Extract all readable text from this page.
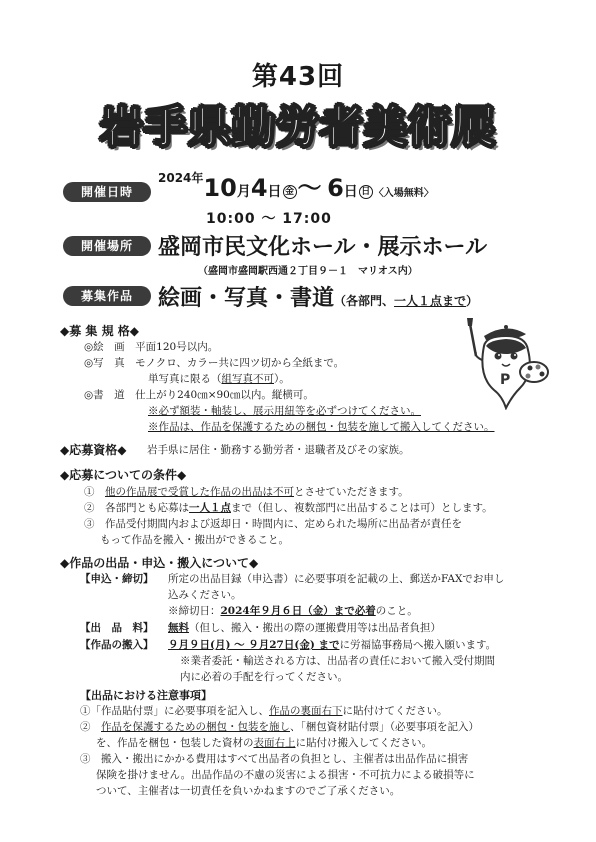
第43回
岩手県勤労者美術展
開催日時
$^{2024年}$10月4日 金 〜 6日 日 〈入場無料〉
10:00 〜 17:00
開催場所	盛岡市民文化ホール・展示ホール
（盛岡市盛岡駅西通２丁目９－１　マリオス内）
募集作品	絵画・写真・書道（各部門、一人１点まで）
P
◆募 集 規 格◆
◎絵　画　平面120号以内。
◎写　真　モノクロ、カラー共に四ツ切から全紙まで。
単写真に限る（組写真不可）。
◎書　道　仕上がり240㎝×90㎝以内。縦横可。
※必ず額装・軸装し、展示用紐等を必ずつけてください。
※作品は、作品を保護するための梱包・包装を施して搬入してください。
◆応募資格◆ 岩手県に居住・勤務する勤労者・退職者及びその家族。
◆応募についての条件◆
①　他の作品展で受賞した作品の出品は不可とさせていただきます。
②　各部門とも応募は一人１点まで（但し、複数部門に出品することは可）とします。
③　作品受付期間内および返却日・時間内に、定められた場所に出品者が責任を
もって作品を搬入・搬出ができること。
◆作品の出品・申込・搬入について◆
【申込・締切】 所定の出品目録（申込書）に必要事項を記載の上、郵送かFAXでお申し
込みください。
※締切日：2024年９月６日（金）まで必着のこと。
【出　品　料】 無料（但し、搬入・搬出の際の運搬費用等は出品者負担）
【作品の搬入】 ９月９日(月) 〜 ９月27日(金) までに労福協事務局へ搬入願います。
※業者委託・輸送される方は、出品者の責任において搬入受付期間
内に必着の手配を行ってください。
【出品における注意事項】
①「作品貼付票」に必要事項を記入し、作品の裏面右下に貼付けてください。
②　作品を保護するための梱包・包装を施し、「梱包資材貼付票」（必要事項を記入）
を、作品を梱包・包装した資材の表面右上に貼付け搬入してください。
③　搬入・搬出にかかる費用はすべて出品者の負担とし、主催者は出品作品に損害
保険を掛けません。出品作品の不慮の災害による損害・不可抗力による破損等に
ついて、主催者は一切責任を負いかねますのでご了承ください。
